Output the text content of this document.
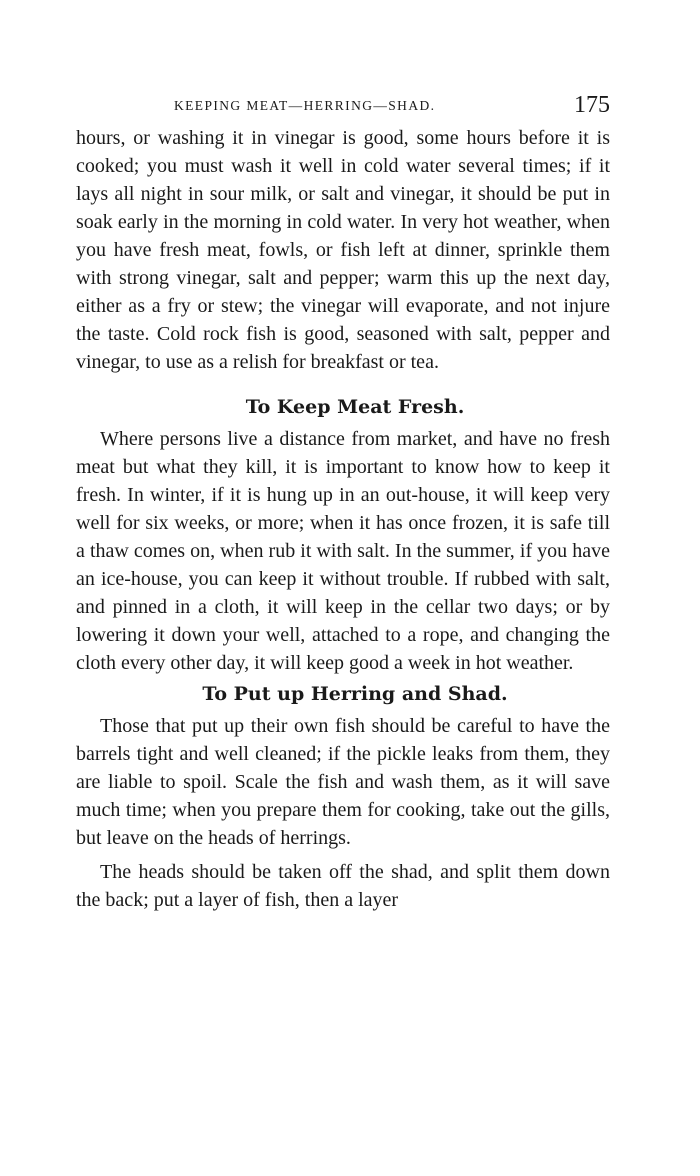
KEEPING MEAT—HERRING—SHAD.	175

hours, or washing it in vinegar is good, some hours before it is cooked; you must wash it well in cold water several times; if it lays all night in sour milk, or salt and vinegar, it should be put in soak early in the morning in cold water. In very hot weather, when you have fresh meat, fowls, or fish left at dinner, sprinkle them with strong vinegar, salt and pepper; warm this up the next day, either as a fry or stew; the vinegar will evaporate, and not injure the taste. Cold rock fish is good, seasoned with salt, pepper and vinegar, to use as a relish for breakfast or tea.

To Keep Meat Fresh.

Where persons live a distance from market, and have no fresh meat but what they kill, it is important to know how to keep it fresh. In winter, if it is hung up in an out-house, it will keep very well for six weeks, or more; when it has once frozen, it is safe till a thaw comes on, when rub it with salt. In the summer, if you have an ice-house, you can keep it without trouble. If rubbed with salt, and pinned in a cloth, it will keep in the cellar two days; or by lowering it down your well, attached to a rope, and changing the cloth every other day, it will keep good a week in hot weather.

To Put up Herring and Shad.

Those that put up their own fish should be careful to have the barrels tight and well cleaned; if the pickle leaks from them, they are liable to spoil. Scale the fish and wash them, as it will save much time; when you prepare them for cooking, take out the gills, but leave on the heads of herrings.

The heads should be taken off the shad, and split them down the back; put a layer of fish, then a layer
